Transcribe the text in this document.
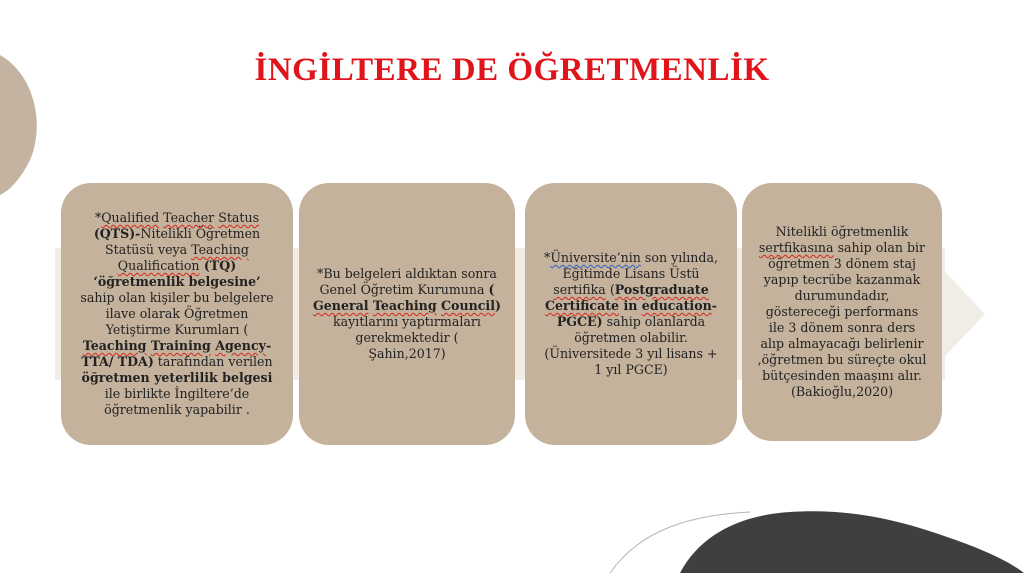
İNGİLTERE DE ÖĞRETMENLİK

*Qualified Teacher Status
(QTS)-Nitelikli Öğretmen
Statüsü veya Teaching
Qualification (TQ)
‘öğretmenlik belgesine’
sahip olan kişiler bu belgelere
ilave olarak Öğretmen
Yetiştirme Kurumları (
Teaching Training Agency-
TTA/ TDA) tarafından verilen
öğretmen yeterlilik belgesi
ile birlikte İngiltere’de
öğretmenlik yapabilir .

*Bu belgeleri aldıktan sonra
Genel Öğretim Kurumuna (
General Teaching Council)
kayıtlarını yaptırmaları
gerekmektedir (
Şahin,2017)

*Üniversite’nin son yılında,
Eğitimde Lisans Üstü
sertifika (Postgraduate
Certificate in education-
PGCE) sahip olanlarda
öğretmen olabilir.
(Üniversitede 3 yıl lisans +
1 yıl PGCE)

Nitelikli öğretmenlik
sertfikasına sahip olan bir
öğretmen 3 dönem staj
yapıp tecrübe kazanmak
durumundadır,
göstereceği performans
ile 3 dönem sonra ders
alıp almayacağı belirlenir
,öğretmen bu süreçte okul
bütçesinden maaşını alır.
(Bakioğlu,2020)
